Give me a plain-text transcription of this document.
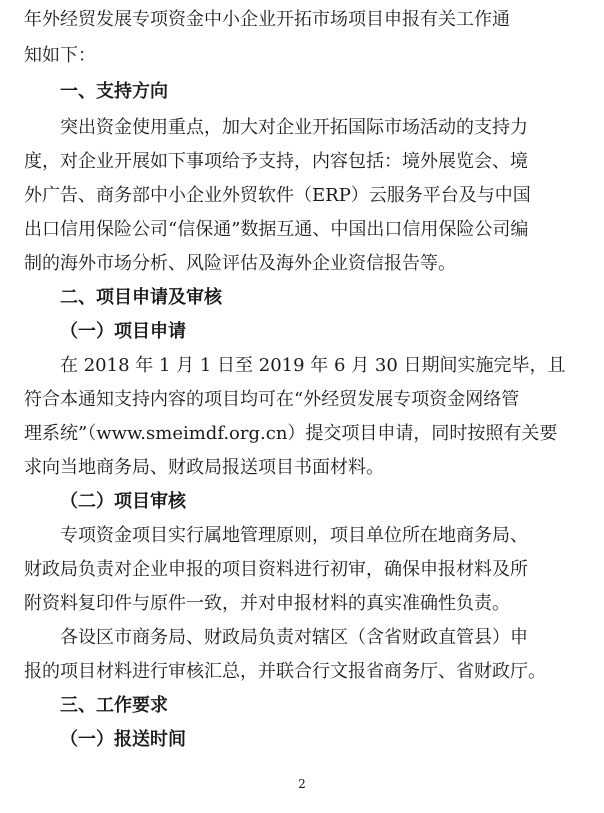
年外经贸发展专项资金中小企业开拓市场项目申报有关工作通
知如下：
一、支持方向
突出资金使用重点，加大对企业开拓国际市场活动的支持力
度，对企业开展如下事项给予支持，内容包括：境外展览会、境
外广告、商务部中小企业外贸软件（ERP）云服务平台及与中国
出口信用保险公司“信保通”数据互通、中国出口信用保险公司编
制的海外市场分析、风险评估及海外企业资信报告等。
二、项目申请及审核
（一）项目申请
在 2018 年 1 月 1 日至 2019 年 6 月 30 日期间实施完毕，且
符合本通知支持内容的项目均可在“外经贸发展专项资金网络管
理系统”（www.smeimdf.org.cn）提交项目申请，同时按照有关要
求向当地商务局、财政局报送项目书面材料。
（二）项目审核
专项资金项目实行属地管理原则，项目单位所在地商务局、
财政局负责对企业申报的项目资料进行初审，确保申报材料及所
附资料复印件与原件一致，并对申报材料的真实准确性负责。
各设区市商务局、财政局负责对辖区（含省财政直管县）申
报的项目材料进行审核汇总，并联合行文报省商务厅、省财政厅。
三、工作要求
（一）报送时间
2
